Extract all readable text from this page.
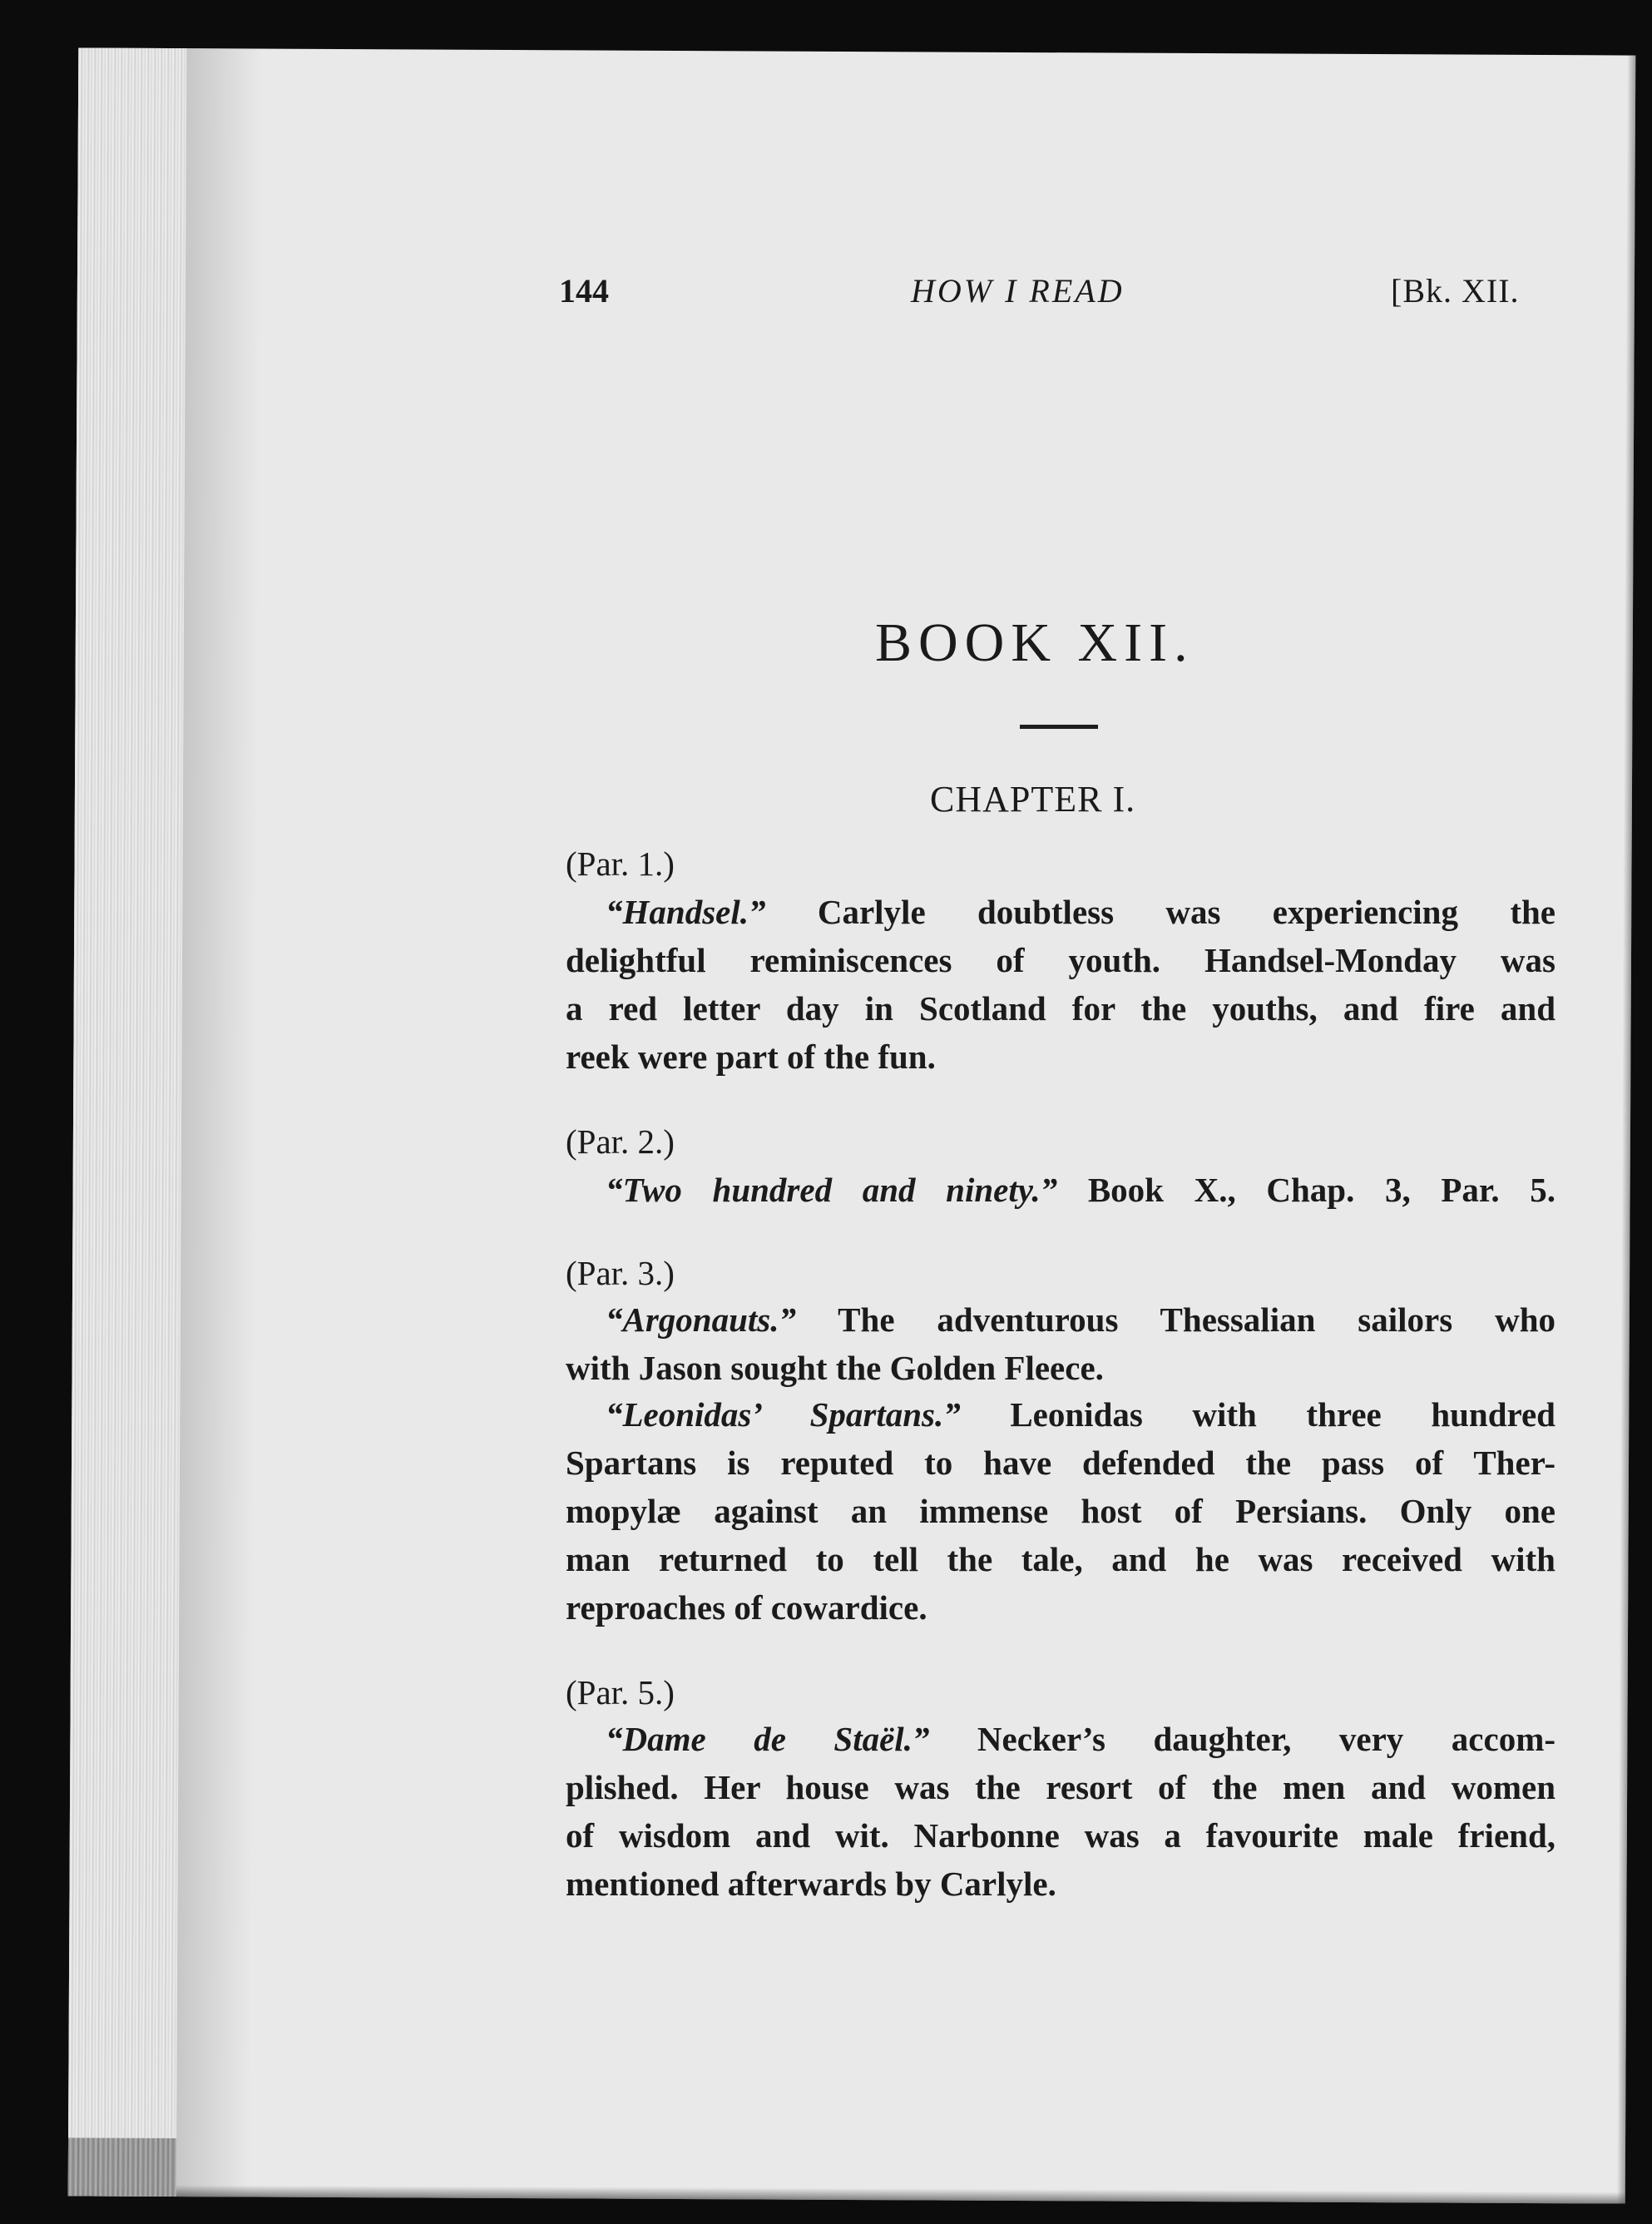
144	HOW I READ	[Bk. XII.
BOOK XII.
CHAPTER I.
(Par. 1.)
“Handsel.” Carlyle doubtless was experiencing the
delightful reminiscences of youth. Handsel-Monday was
a red letter day in Scotland for the youths, and fire and
reek were part of the fun.
(Par. 2.)
“Two hundred and ninety.” Book X., Chap. 3, Par. 5.
(Par. 3.)
“Argonauts.” The adventurous Thessalian sailors who
with Jason sought the Golden Fleece.
“Leonidas’ Spartans.” Leonidas with three hundred
Spartans is reputed to have defended the pass of Ther-
mopylæ against an immense host of Persians. Only one
man returned to tell the tale, and he was received with
reproaches of cowardice.
(Par. 5.)
“Dame de Staël.” Necker’s daughter, very accom-
plished. Her house was the resort of the men and women
of wisdom and wit. Narbonne was a favourite male friend,
mentioned afterwards by Carlyle.
